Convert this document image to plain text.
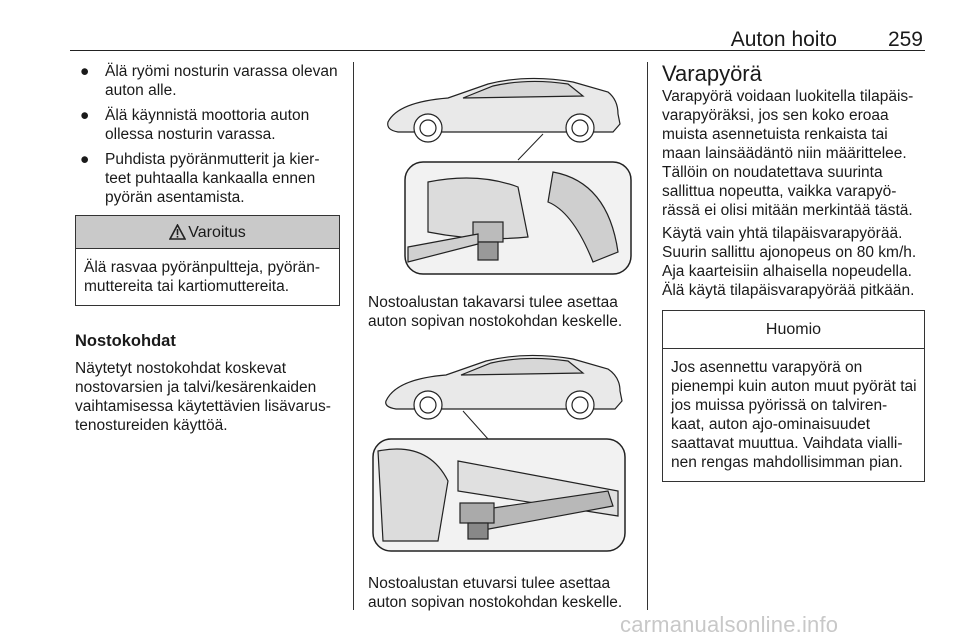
Auton hoito 259
● Älä ryömi nosturin varassa olevan auton alle.
● Älä käynnistä moottoria auton ollessa nosturin varassa.
● Puhdista pyöränmutterit ja kier-teet puhtaalla kankaalla ennen pyörän asentamista.
Varoitus
Älä rasvaa pyöränpultteja, pyörän-muttereita tai kartiomuttereita.
Nostokohdat

Näytetyt nostokohdat koskevat nostovarsien ja talvi/kesärenkaiden vaihtamisessa käytettävien lisävarus-tenostureiden käyttöä.

Nostoalustan takavarsi tulee asettaa auton sopivan nostokohdan keskelle.

Nostoalustan etuvarsi tulee asettaa auton sopivan nostokohdan keskelle.

Varapyörä

Varapyörä voidaan luokitella tilapäis-varapyöräksi, jos sen koko eroaa muista asennetuista renkaista tai maan lainsäädäntö niin määrittelee. Tällöin on noudatettava suurinta sallittua nopeutta, vaikka varapyö-rässä ei olisi mitään merkintää tästä.

Käytä vain yhtä tilapäisvarapyörää. Suurin sallittu ajonopeus on 80 km/h. Aja kaarteisiin alhaisella nopeudella. Älä käytä tilapäisvarapyörää pitkään.

Huomio
Jos asennettu varapyörä on pienempi kuin auton muut pyörät tai jos muissa pyörissä on talviren-kaat, auton ajo-ominaisuudet saattavat muuttua. Vaihdata vialli-nen rengas mahdollisimman pian.
carmanualsonline.info
